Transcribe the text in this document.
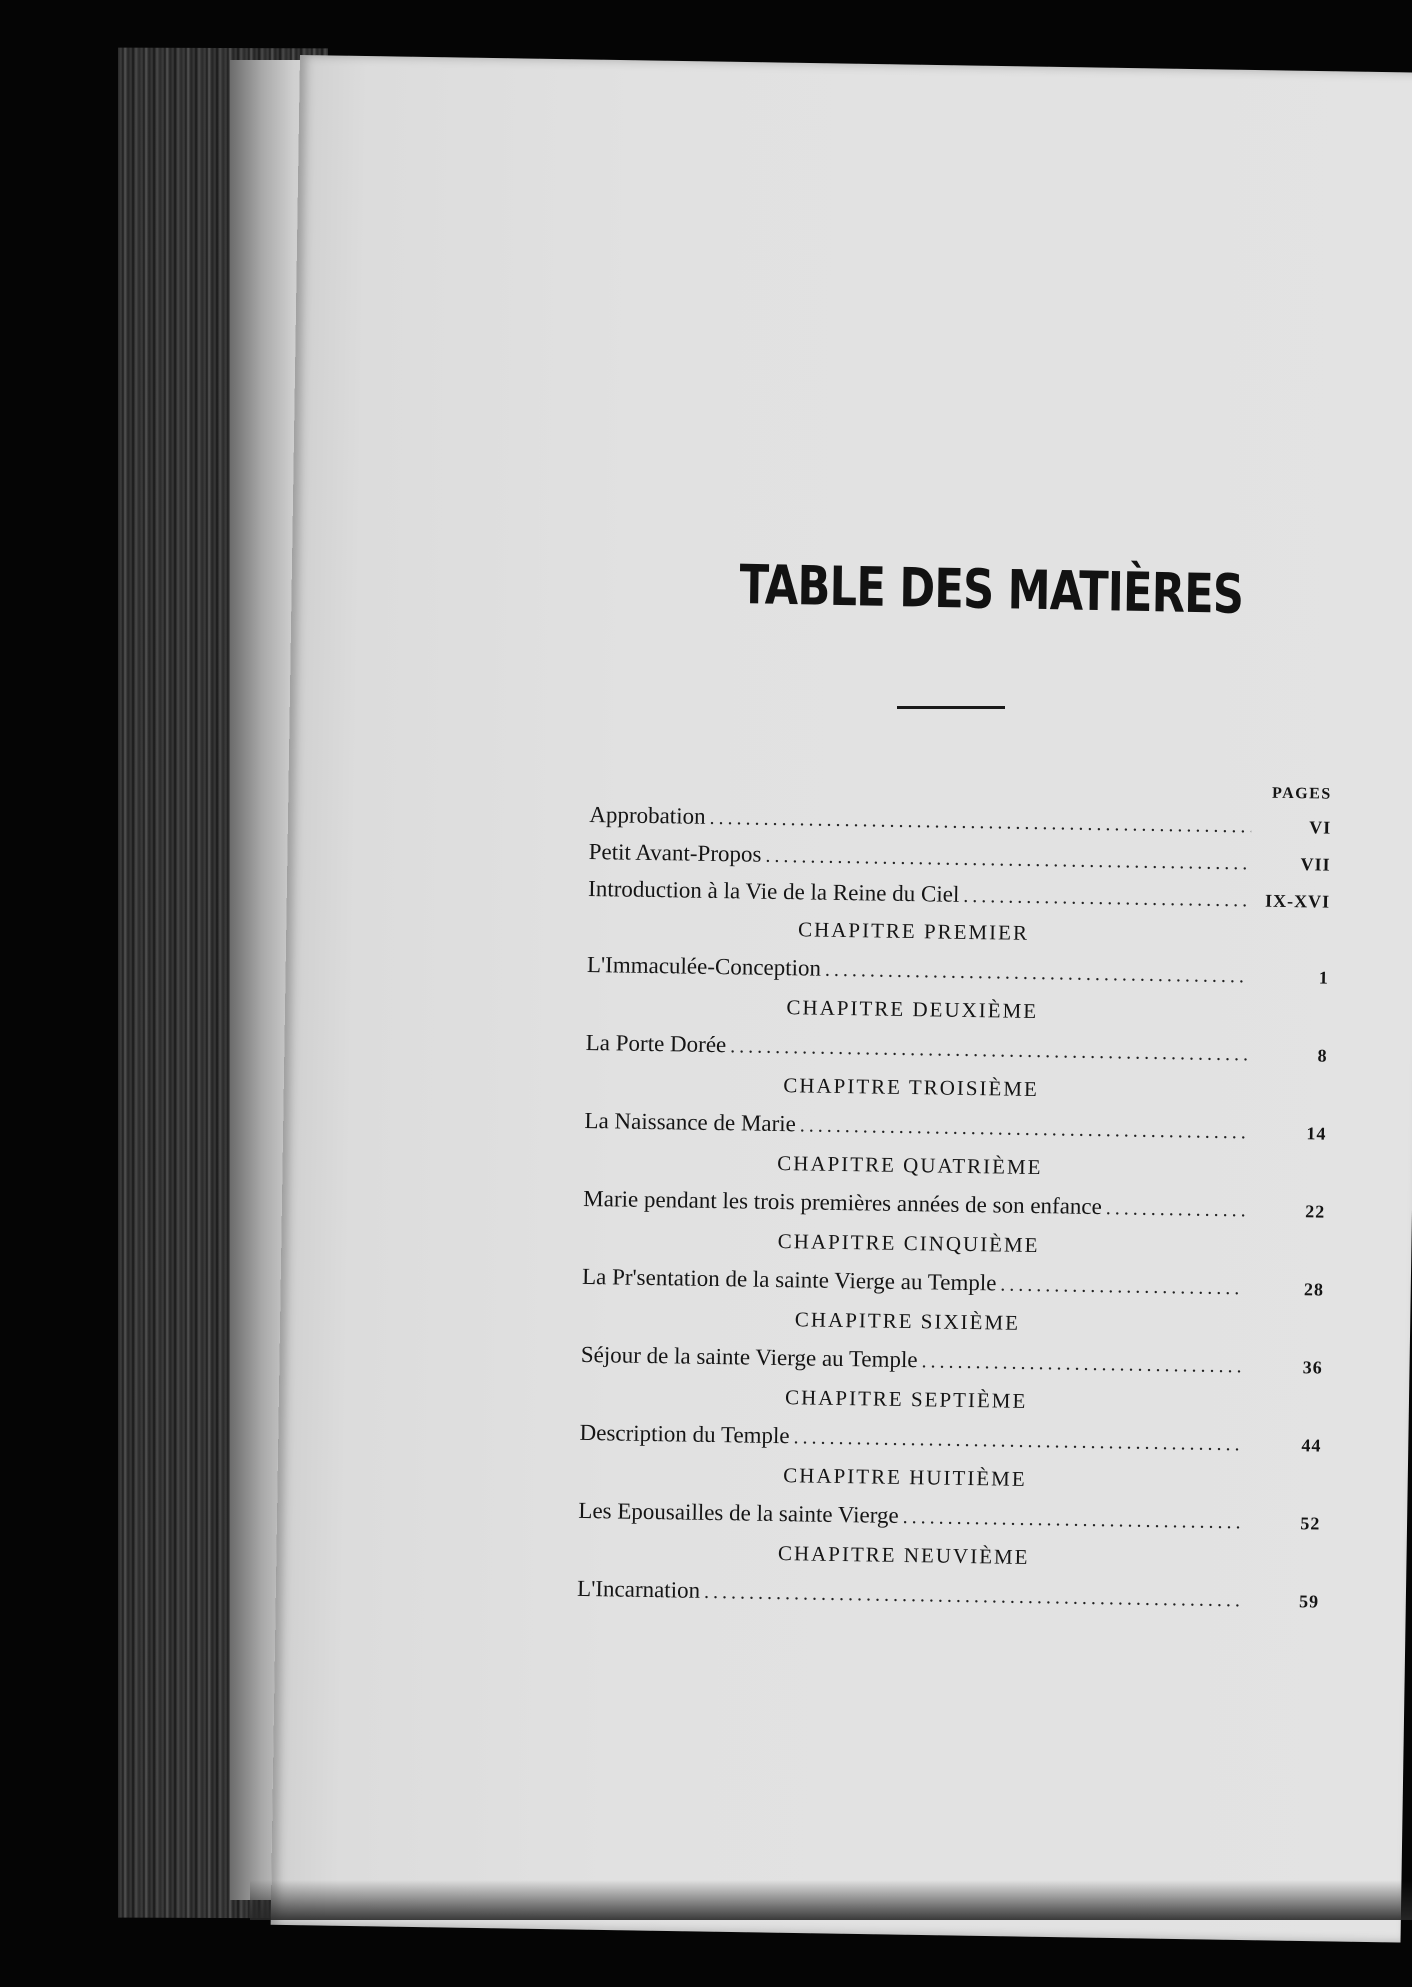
TABLE DES MATIÈRES
PAGES
Approbation .....	VI
Petit Avant-Propos .....	VII
Introduction à la Vie de la Reine du Ciel .....	IX-XVI
CHAPITRE PREMIER
L'Immaculée-Conception .....	1
CHAPITRE DEUXIÈME
La Porte Dorée .....	8
CHAPITRE TROISIÈME
La Naissance de Marie .....	14
CHAPITRE QUATRIÈME
Marie pendant les trois premières années de son enfance .....	22
CHAPITRE CINQUIÈME
La Pr'sentation de la sainte Vierge au Temple .....	28
CHAPITRE SIXIÈME
Séjour de la sainte Vierge au Temple .....	36
CHAPITRE SEPTIÈME
Description du Temple .....	44
CHAPITRE HUITIÈME
Les Epousailles de la sainte Vierge .....	52
CHAPITRE NEUVIÈME
L'Incarnation .....	59
